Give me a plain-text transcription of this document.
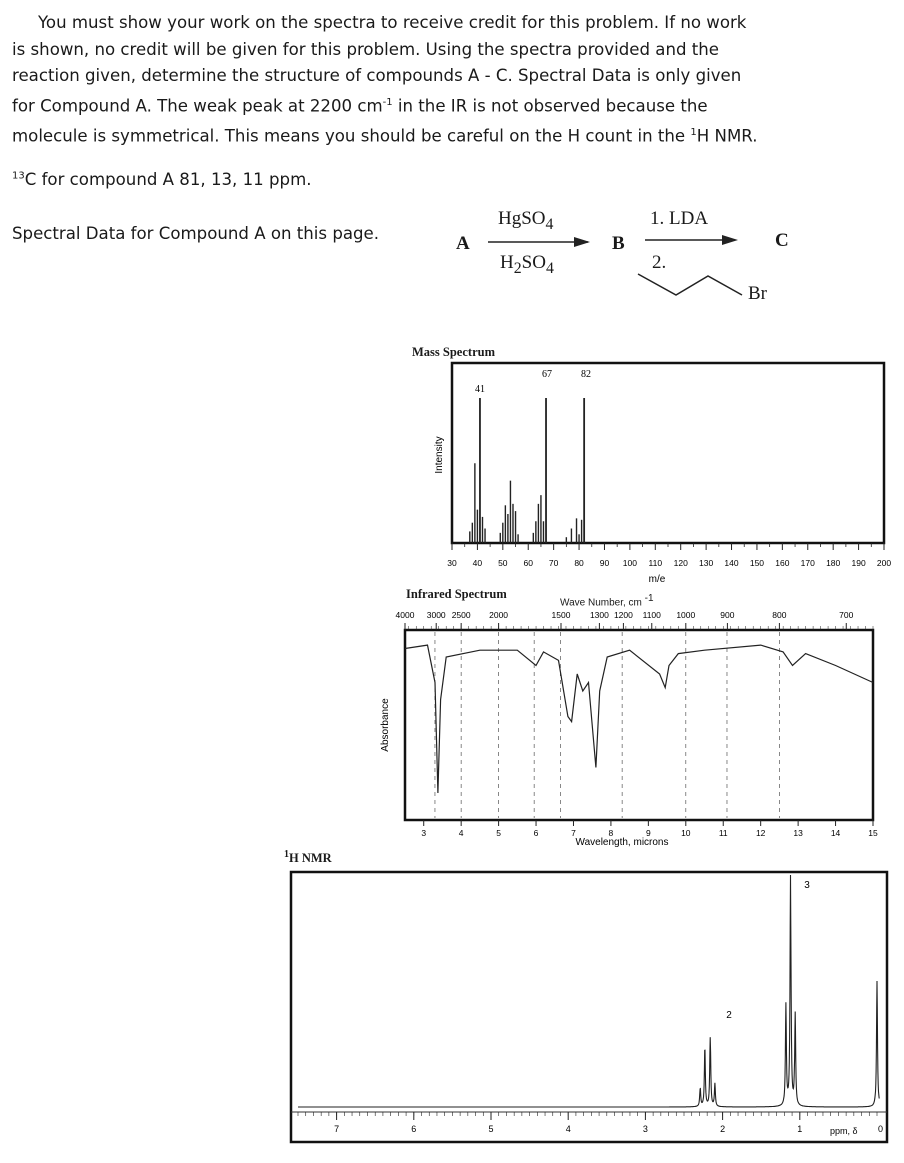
You must show your work on the spectra to receive credit for this problem. If no work
is shown, no credit will be given for this problem. Using the spectra provided and the
reaction given, determine the structure of compounds A - C. Spectral Data is only given
for Compound A. The weak peak at 2200 $cm^{-1}$ in the IR is not observed because the
molecule is symmetrical. This means you should be careful on the H count in the $^1$H NMR.

$^{13}$C for compound A 81, 13, 11 ppm.
Spectral Data for Compound A on this page.	A
HgSO$_4$
$H_2SO_4$
B
1. LDA
2.
C
Br
Mass Spectrum
Intensity
m/e
41
67	82
30 40 50 60 70 80 90 100 110 120 130 140 150 160 170 180 190 200
Infrared Spectrum
Wave Number, cm $^{-1}$
Absorbance
Wavelength, microns
3	4	5	6	7	8	9	10	11	12	13	14	15
4000 3000 2500 2000	1500 1300 1200 1100 1000	900	800	700
$^1$H NMR
3
2
ppm, δ 0
7	6	5	4	3	2	1
